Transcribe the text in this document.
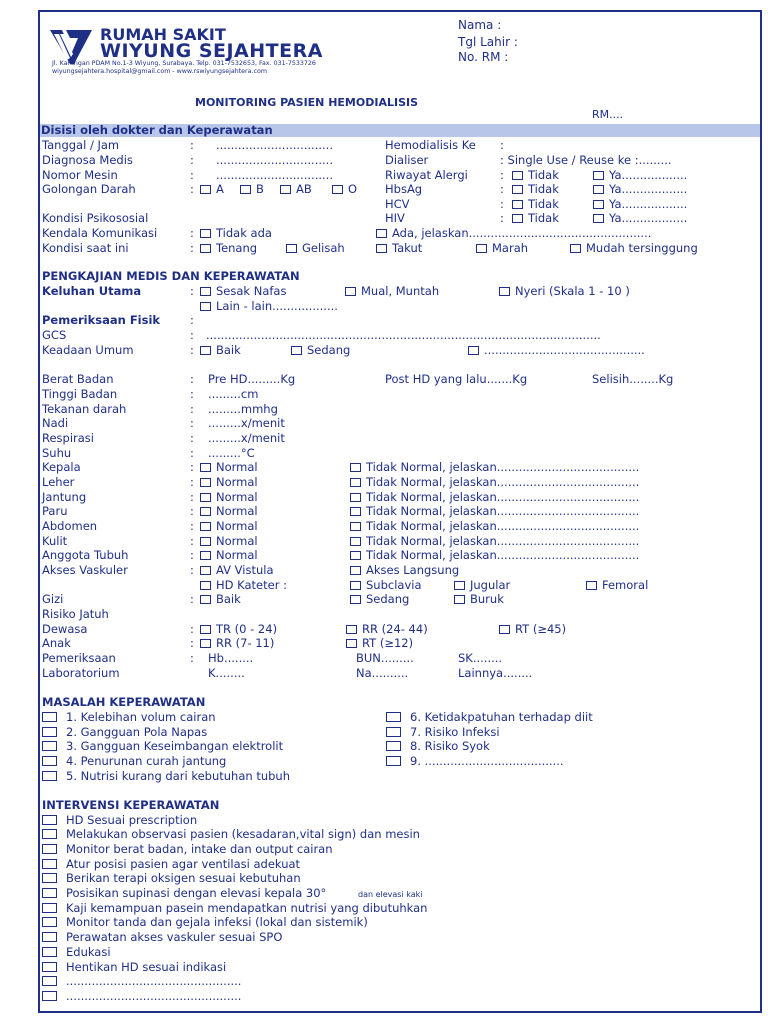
RUMAH SAKIT
WIYUNG SEJAHTERA
Jl. Karangan PDAM No.1-3 Wiyung, Surabaya. Telp. 031-7532653, Fax. 031-7533726
wiyungsejahtera.hospital@gmail.com - www.rswiyungsejahtera.com
Nama :
Tgl Lahir :
No. RM :
MONITORING PASIEN HEMODIALISIS
RM....
Disisi oleh dokter dan Keperawatan
Tanggal / Jam	: ................................	Hemodialisis Ke :
Diagnosa Medis	: ................................	Dialiser	: Single Use / Reuse ke :.........
Nomor Mesin	: ................................	Riwayat Alergi	:	Tidak	Ya..................
Golongan Darah	:	A	B	AB	O HbsAg	:	Tidak	Ya..................
HCV	:	Tidak	Ya..................
Kondisi Psikososial	HIV	:	Tidak	Ya..................
Kendala Komunikasi	:	Tidak ada	Ada, jelaskan..................................................
Kondisi saat ini	:	Tenang	Gelisah	Takut	Marah	Mudah tersinggung
PENGKAJIAN MEDIS DAN KEPERAWATAN
Keluhan Utama	:	Sesak Nafas	Mual, Muntah	Nyeri (Skala 1 - 10 )
Lain - lain..................
Pemeriksaan Fisik	:
GCS	: ............................................................................................................
Keadaan Umum	:	Baik	Sedang	............................................
Berat Badan	: Pre HD.........Kg	Post HD yang lalu.......Kg	Selisih........Kg
Tinggi Badan	: .........cm
Tekanan darah	: .........mmhg
Nadi	: .........x/menit
Respirasi	: .........x/menit
Suhu	: .........°C
Kepala	:	Normal	Tidak Normal, jelaskan.......................................
Leher	:	Normal	Tidak Normal, jelaskan.......................................
Jantung	:	Normal	Tidak Normal, jelaskan.......................................
Paru	:	Normal	Tidak Normal, jelaskan.......................................
Abdomen	:	Normal	Tidak Normal, jelaskan.......................................
Kulit	:	Normal	Tidak Normal, jelaskan.......................................
Anggota Tubuh	:	Normal	Tidak Normal, jelaskan.......................................
Akses Vaskuler	:	AV Vistula	Akses Langsung
HD Kateter :	Subclavia	Jugular	Femoral
Gizi	:	Baik	Sedang	Buruk
Risiko Jatuh
Dewasa	:	TR (0 - 24)	RR (24- 44)	RT (≥45)
Anak	:	RR (7- 11)	RT (≥12)
Pemeriksaan	: Hb........	BUN.........	SK........
Laboratorium	K........	Na..........	Lainnya........
MASALAH KEPERAWATAN
1. Kelebihan volum cairan	6. Ketidakpatuhan terhadap diit
2. Gangguan Pola Napas	7. Risiko Infeksi
3. Gangguan Keseimbangan elektrolit	8. Risiko Syok
4. Penurunan curah jantung	9. ......................................
5. Nutrisi kurang dari kebutuhan tubuh
INTERVENSI KEPERAWATAN
HD Sesuai prescription
Melakukan observasi pasien (kesadaran,vital sign) dan mesin
Monitor berat badan, intake dan output cairan
Atur posisi pasien agar ventilasi adekuat
Berikan terapi oksigen sesuai kebutuhan
Posisikan supinasi dengan elevasi kepala 30°	dan elevasi kaki
Kaji kemampuan pasein mendapatkan nutrisi yang dibutuhkan
Monitor tanda dan gejala infeksi (lokal dan sistemik)
Perawatan akses vaskuler sesuai SPO
Edukasi
Hentikan HD sesuai indikasi
................................................
................................................
